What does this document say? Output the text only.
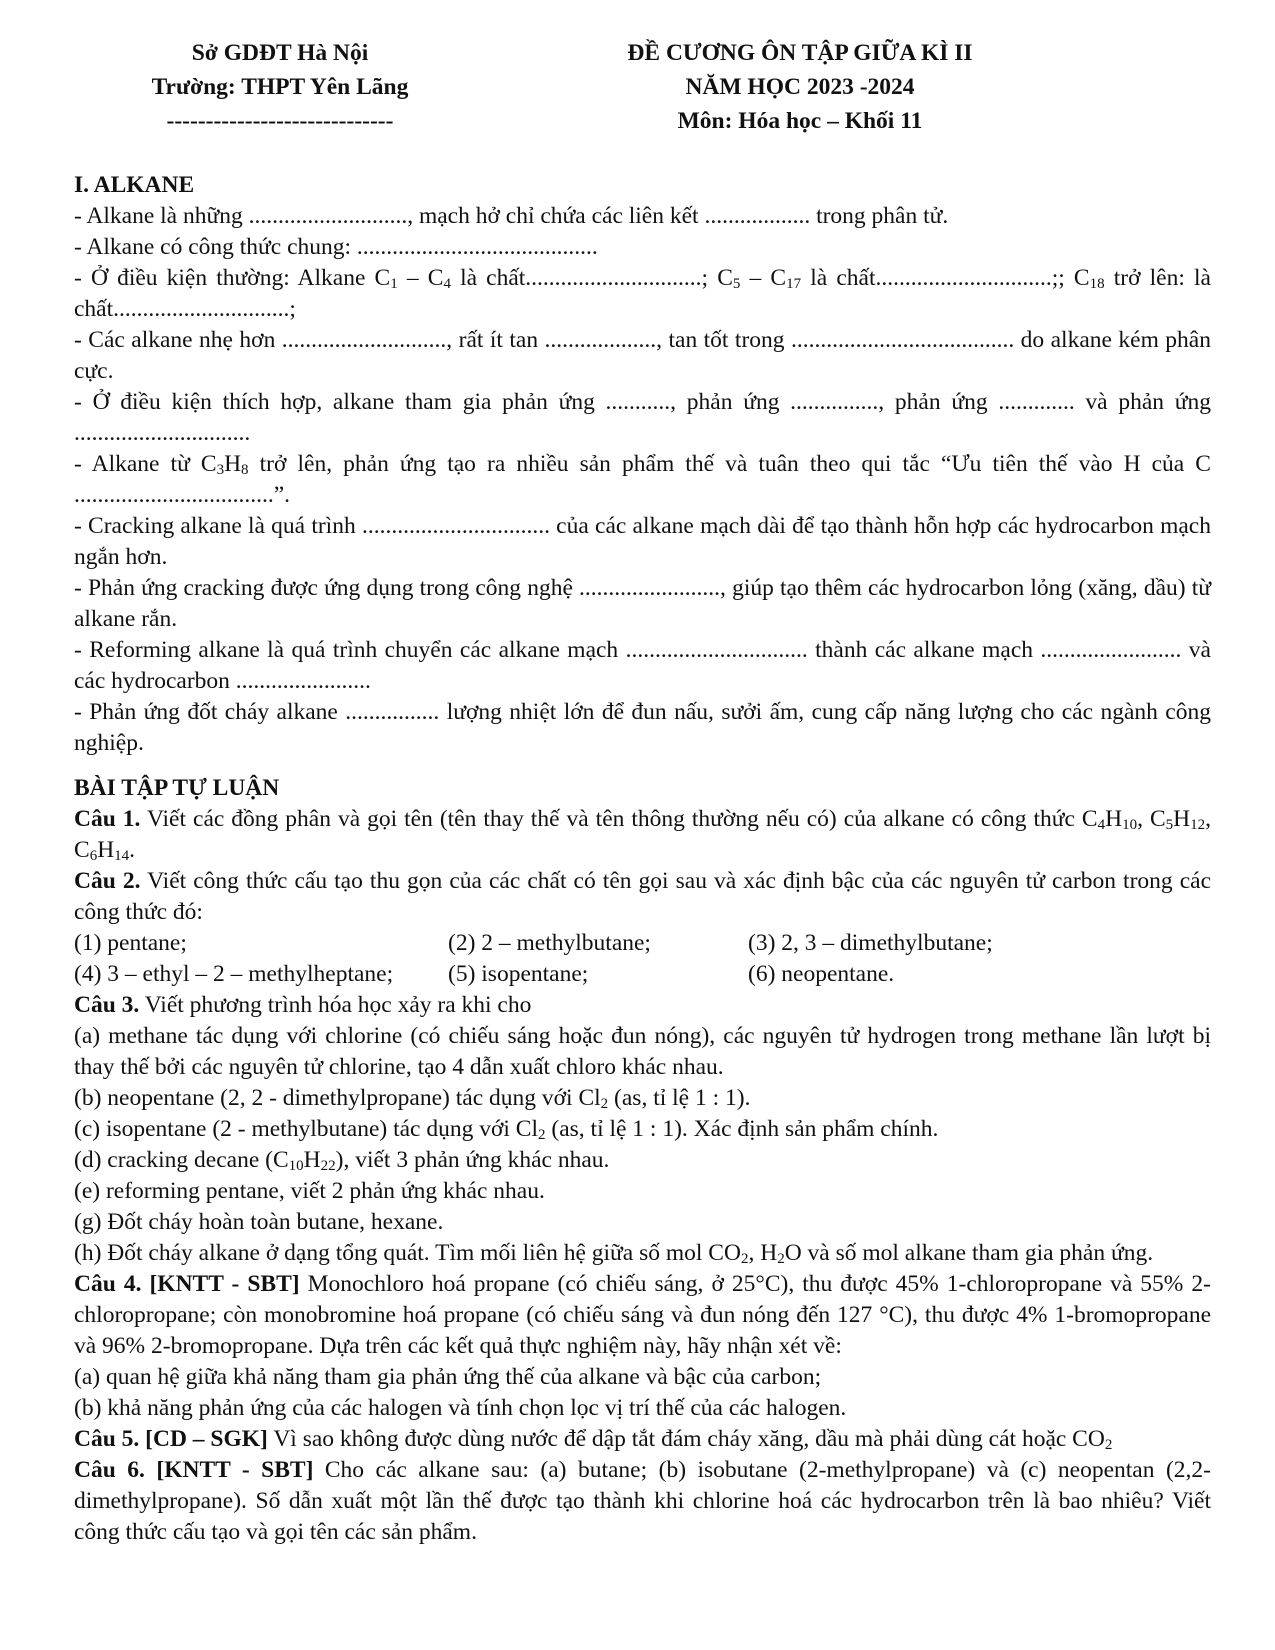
Sở GDĐT Hà Nội
Trường: THPT Yên Lãng
-----------------------------
ĐỀ CƯƠNG ÔN TẬP GIỮA KÌ II
NĂM HỌC 2023 -2024
Môn: Hóa học – Khối 11

I. ALKANE

- Alkane là những ..........................., mạch hở chỉ chứa các liên kết .................. trong phân tử.

- Alkane có công thức chung: .........................................

- Ở điều kiện thường: Alkane $C_1 - C_4$ là chất..............................; $C_5 - C_{17}$ là chất..............................;; $C_{18}$ trở lên: là chất..............................;

- Các alkane nhẹ hơn ............................, rất ít tan ..................., tan tốt trong ...................................... do alkane kém phân cực.

- Ở điều kiện thích hợp, alkane tham gia phản ứng ..........., phản ứng ..............., phản ứng ............. và phản ứng ..............................

- Alkane từ $C_3H_8$ trở lên, phản ứng tạo ra nhiều sản phẩm thế và tuân theo qui tắc “Ưu tiên thế vào H của C ..................................”.

- Cracking alkane là quá trình ................................ của các alkane mạch dài để tạo thành hỗn hợp các hydrocarbon mạch ngắn hơn.

- Phản ứng cracking được ứng dụng trong công nghệ ........................, giúp tạo thêm các hydrocarbon lỏng (xăng, dầu) từ alkane rắn.

- Reforming alkane là quá trình chuyển các alkane mạch ............................... thành các alkane mạch ........................ và các hydrocarbon .......................

- Phản ứng đốt cháy alkane ................ lượng nhiệt lớn để đun nấu, sưởi ấm, cung cấp năng lượng cho các ngành công nghiệp.

BÀI TẬP TỰ LUẬN

Câu 1. Viết các đồng phân và gọi tên (tên thay thế và tên thông thường nếu có) của alkane có công thức $C_4H_{10}$, $C_5H_{12}$, $C_6H_{14}$.

Câu 2. Viết công thức cấu tạo thu gọn của các chất có tên gọi sau và xác định bậc của các nguyên tử carbon trong các công thức đó:

(1) pentane;	(2) 2 – methylbutane;	(3) 2, 3 – dimethylbutane;
(4) 3 – ethyl – 2 – methylheptane;	(5) isopentane;	(6) neopentane.

Câu 3. Viết phương trình hóa học xảy ra khi cho

(a) methane tác dụng với chlorine (có chiếu sáng hoặc đun nóng), các nguyên tử hydrogen trong methane lần lượt bị thay thế bởi các nguyên tử chlorine, tạo 4 dẫn xuất chloro khác nhau.

(b) neopentane (2, 2 - dimethylpropane) tác dụng với $Cl_2$ (as, tỉ lệ 1 : 1).

(c) isopentane (2 - methylbutane) tác dụng với $Cl_2$ (as, tỉ lệ 1 : 1). Xác định sản phẩm chính.

(d) cracking decane $(C_{10}H_{22})$, viết 3 phản ứng khác nhau.

(e) reforming pentane, viết 2 phản ứng khác nhau.

(g) Đốt cháy hoàn toàn butane, hexane.

(h) Đốt cháy alkane ở dạng tổng quát. Tìm mối liên hệ giữa số mol $CO_2$, $H_2O$ và số mol alkane tham gia phản ứng.

Câu 4. [KNTT - SBT] Monochloro hoá propane (có chiếu sáng, ở 25°C), thu được 45% 1-chloropropane và 55% 2-chloropropane; còn monobromine hoá propane (có chiếu sáng và đun nóng đến 127 °C), thu được 4% 1-bromopropane và 96% 2-bromopropane. Dựa trên các kết quả thực nghiệm này, hãy nhận xét về:

(a) quan hệ giữa khả năng tham gia phản ứng thế của alkane và bậc của carbon;

(b) khả năng phản ứng của các halogen và tính chọn lọc vị trí thế của các halogen.

Câu 5. [CD – SGK] Vì sao không được dùng nước để dập tắt đám cháy xăng, dầu mà phải dùng cát hoặc $CO_2$

Câu 6. [KNTT - SBT] Cho các alkane sau: (a) butane; (b) isobutane (2-methylpropane) và (c) neopentan (2,2-dimethylpropane). Số dẫn xuất một lần thế được tạo thành khi chlorine hoá các hydrocarbon trên là bao nhiêu? Viết công thức cấu tạo và gọi tên các sản phẩm.
